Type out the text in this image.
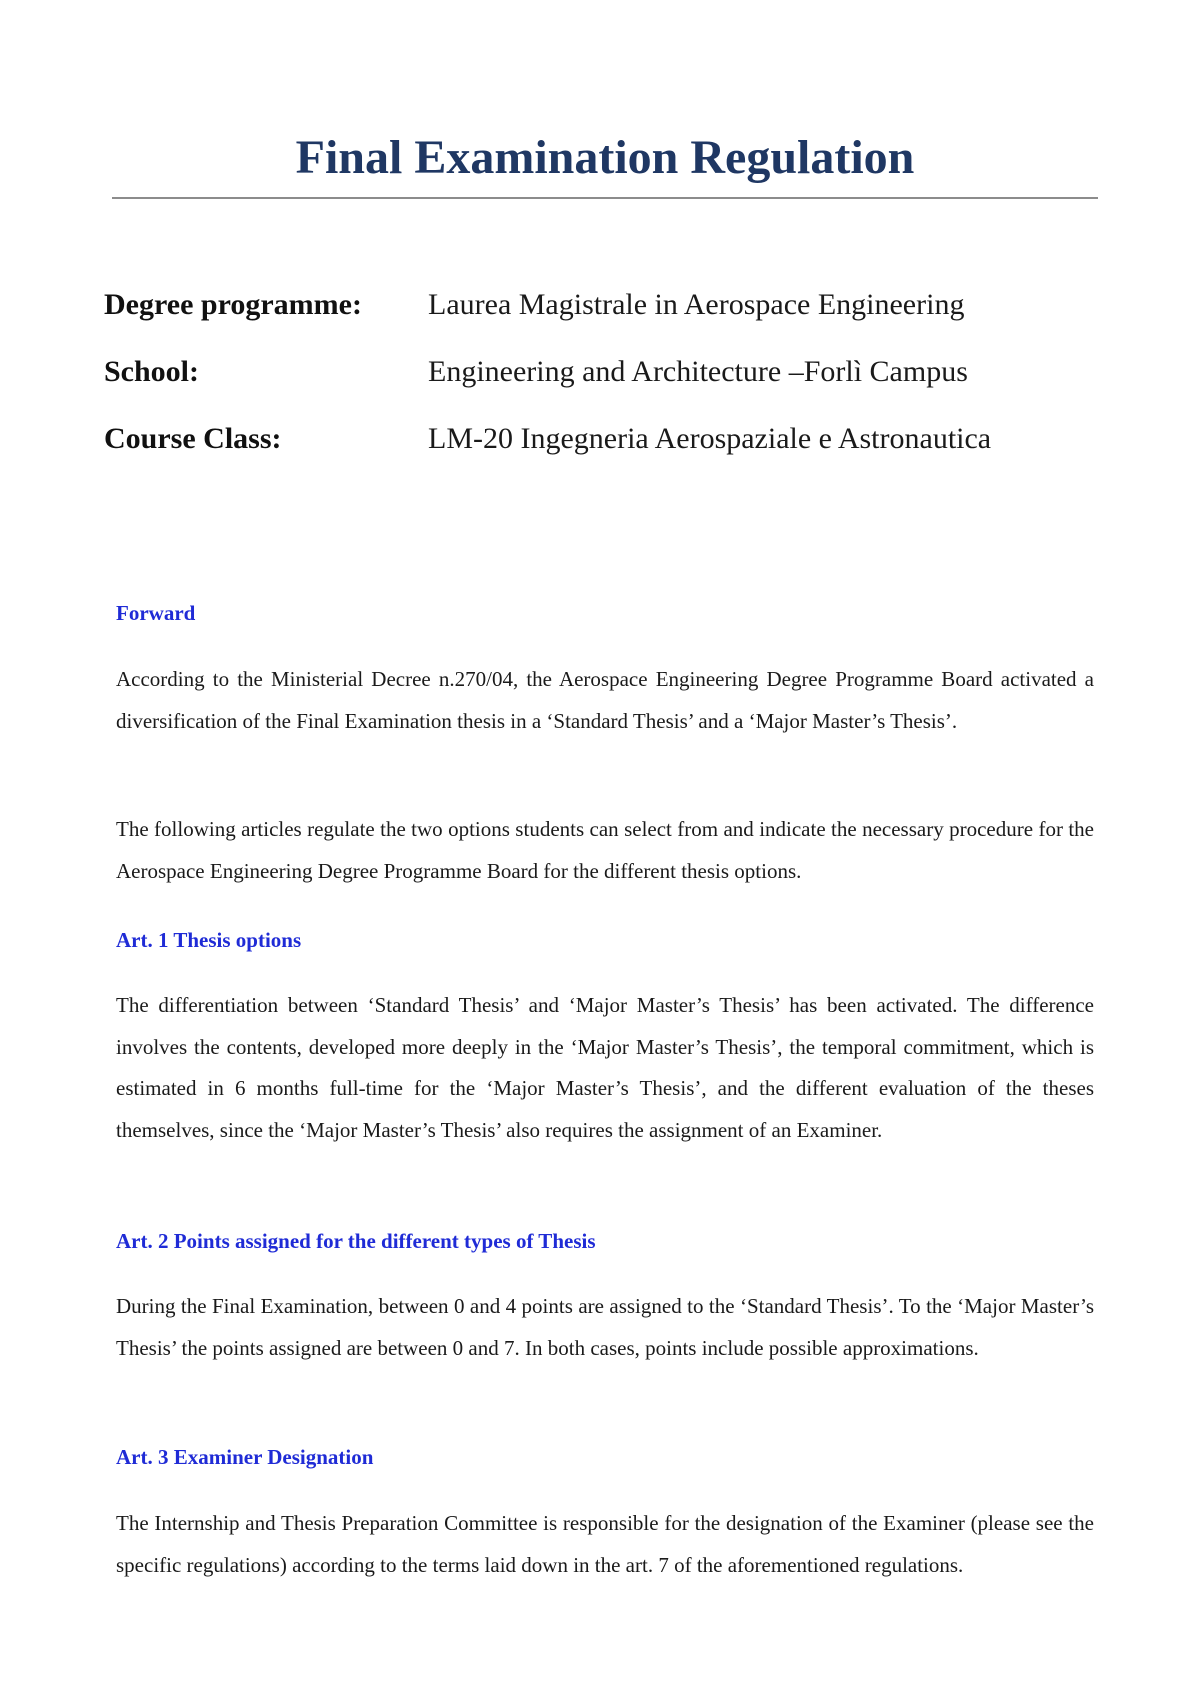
Final Examination Regulation
Degree programme: Laurea Magistrale in Aerospace Engineering
School:	Engineering and Architecture –Forlì Campus
Course Class:	LM-20 Ingegneria Aerospaziale e Astronautica
Forward

According to the Ministerial Decree n.270/04, the Aerospace Engineering Degree Programme Board activated a diversification of the Final Examination thesis in a ‘Standard Thesis’ and a ‘Major Master’s Thesis’.

The following articles regulate the two options students can select from and indicate the necessary procedure for the Aerospace Engineering Degree Programme Board for the different thesis options.

Art. 1 Thesis options

The differentiation between ‘Standard Thesis’ and ‘Major Master’s Thesis’ has been activated. The difference involves the contents, developed more deeply in the ‘Major Master’s Thesis’, the temporal commitment, which is estimated in 6 months full-time for the ‘Major Master’s Thesis’, and the different evaluation of the theses themselves, since the ‘Major Master’s Thesis’ also requires the assignment of an Examiner.

Art. 2 Points assigned for the different types of Thesis

During the Final Examination, between 0 and 4 points are assigned to the ‘Standard Thesis’. To the ‘Major Master’s Thesis’ the points assigned are between 0 and 7. In both cases, points include possible approximations.

Art. 3 Examiner Designation

The Internship and Thesis Preparation Committee is responsible for the designation of the Examiner (please see the specific regulations) according to the terms laid down in the art. 7 of the aforementioned regulations.
